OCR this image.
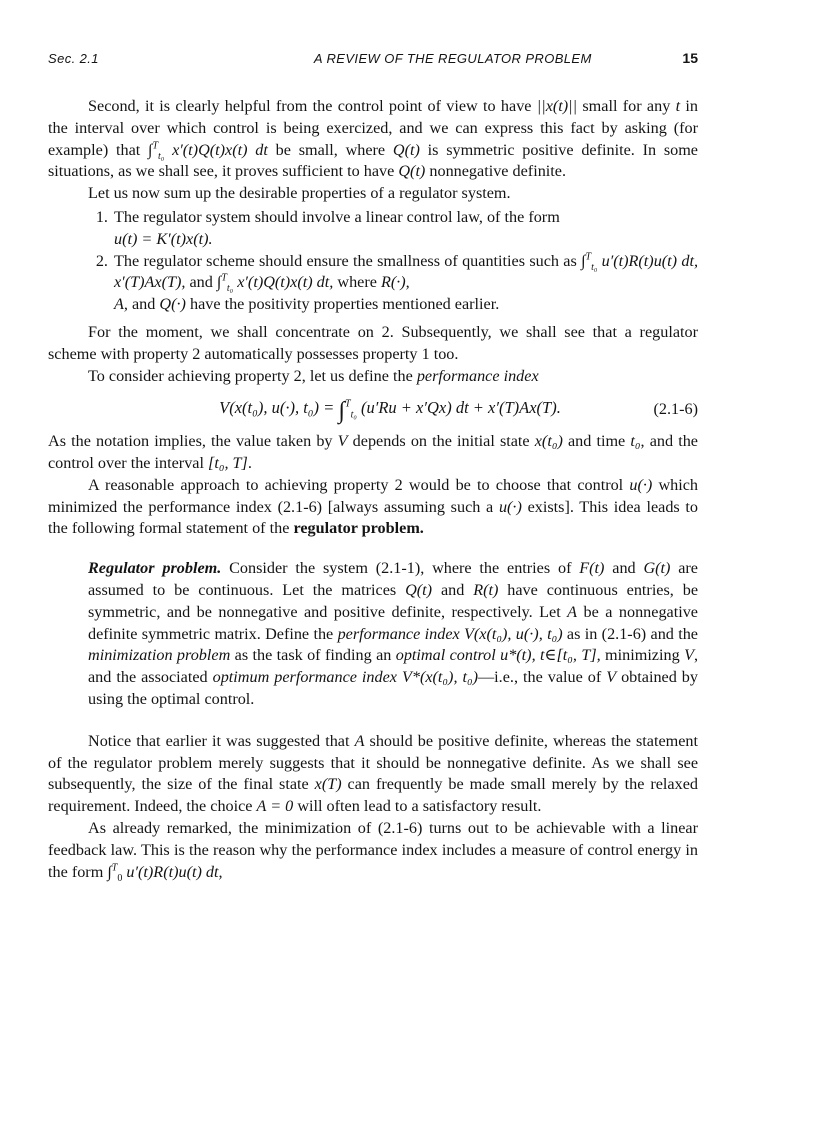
Sec. 2.1	A REVIEW OF THE REGULATOR PROBLEM	15

Second, it is clearly helpful from the control point of view to have ||x(t)|| small for any t in the interval over which control is being exercized, and we can express this fact by asking (for example) that ∫$^T_{t_0}$ x′(t)Q(t)x(t) dt be small, where Q(t) is symmetric positive definite. In some situations, as we shall see, it proves sufficient to have Q(t) nonnegative definite.

Let us now sum up the desirable properties of a regulator system.

1. The regulator system should involve a linear control law, of the form
u(t) = K′(t)x(t).
2. The regulator scheme should ensure the smallness of quantities such as ∫$^T_{t_0}$ u′(t)R(t)u(t) dt, x′(T)Ax(T), and ∫$^T_{t_0}$ x′(t)Q(t)x(t) dt, where R(·),
A, and Q(·) have the positivity properties mentioned earlier.

For the moment, we shall concentrate on 2. Subsequently, we shall see that a regulator scheme with property 2 automatically possesses property 1 too.

To consider achieving property 2, let us define the performance index

V(x(t₀), u(·), t₀) = ∫$^T_{t_0}$ (u′Ru + x′Qx) dt + x′(T)Ax(T).	(2.1-6)

As the notation implies, the value taken by V depends on the initial state x(t₀) and time t₀, and the control over the interval [t₀, T].

A reasonable approach to achieving property 2 would be to choose that control u(·) which minimized the performance index (2.1-6) [always assuming such a u(·) exists]. This idea leads to the following formal statement of the regulator problem.

Regulator problem. Consider the system (2.1-1), where the entries of F(t) and G(t) are assumed to be continuous. Let the matrices Q(t) and R(t) have continuous entries, be symmetric, and be nonnegative and positive definite, respectively. Let A be a nonnegative definite symmetric matrix. Define the performance index V(x(t₀), u(·), t₀) as in (2.1-6) and the minimization problem as the task of finding an optimal control u*(t), t∈[t₀, T], minimizing V, and the associated optimum performance index V*(x(t₀), t₀)—i.e., the value of V obtained by using the optimal control.

Notice that earlier it was suggested that A should be positive definite, whereas the statement of the regulator problem merely suggests that it should be nonnegative definite. As we shall see subsequently, the size of the final state x(T) can frequently be made small merely by the relaxed requirement. Indeed, the choice A = 0 will often lead to a satisfactory result.

As already remarked, the minimization of (2.1-6) turns out to be achievable with a linear feedback law. This is the reason why the performance index includes a measure of control energy in the form ∫$^T_0$ u′(t)R(t)u(t) dt,
